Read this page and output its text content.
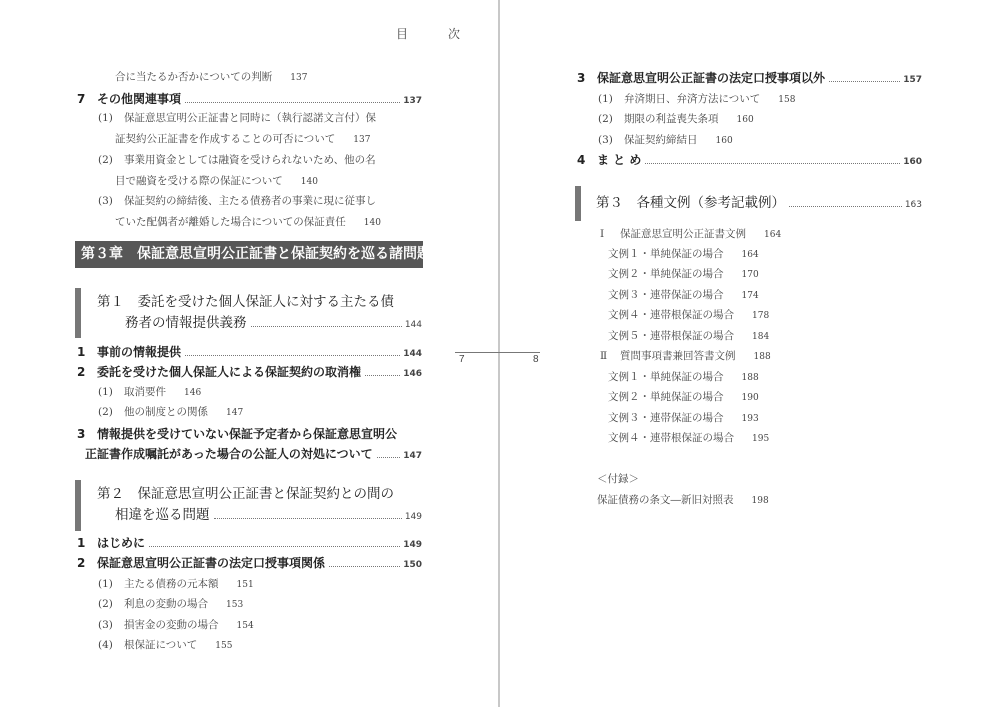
目　次
7	8
第３章　保証意思宣明公正証書と保証契約を巡る諸問題
合に当たるか否かについての判断 137
7 その他関連事項	137
(1)	保証意思宣明公正証書と同時に（執行認諾文言付）保
証契約公正証書を作成することの可否について 137
(2)	事業用資金としては融資を受けられないため、他の名
目で融資を受ける際の保証について 140
(3)	保証契約の締結後、主たる債務者の事業に現に従事し
ていた配偶者が離婚した場合についての保証責任 140
第１　委託を受けた個人保証人に対する主たる債
務者の情報提供義務	144
1 事前の情報提供	144
2 委託を受けた個人保証人による保証契約の取消権	146
(1)	取消要件 146
(2)	他の制度との関係 147
3 情報提供を受けていない保証予定者から保証意思宣明公
正証書作成嘱託があった場合の公証人の対処について	147
第２　保証意思宣明公正証書と保証契約との間の
相違を巡る問題	149
1 はじめに	149
2 保証意思宣明公正証書の法定口授事項関係	150
(1)	主たる債務の元本額 151
(2)	利息の変動の場合 153
(3)	損害金の変動の場合 154
(4)	根保証について 155
3 保証意思宣明公正証書の法定口授事項以外	157
(1)	弁済期日、弁済方法について 158
(2)	期限の利益喪失条項 160
(3)	保証契約締結日 160
4 ま と め	160
第３　各種文例（参考記載例）	163
Ⅰ	保証意思宣明公正証書文例 164
文例１・単純保証の場合 164
文例２・単純保証の場合 170
文例３・連帯保証の場合 174
文例４・連帯根保証の場合 178
文例５・連帯根保証の場合 184
Ⅱ	質問事項書兼回答書文例 188
文例１・単純保証の場合 188
文例２・単純保証の場合 190
文例３・連帯保証の場合 193
文例４・連帯根保証の場合 195
＜付録＞
保証債務の条文―新旧対照表 198
